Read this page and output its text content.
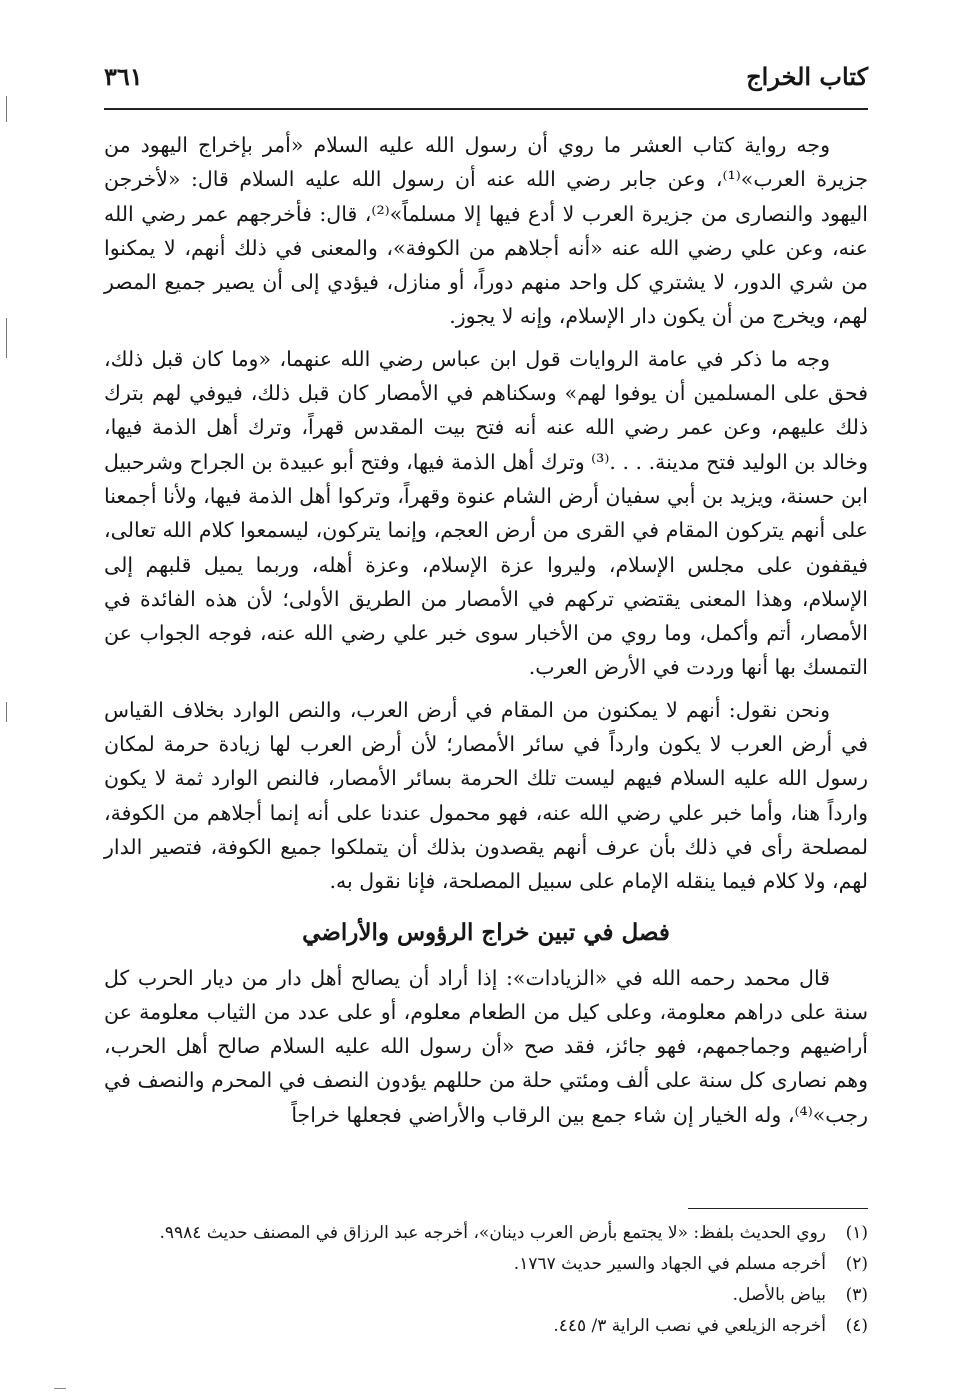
كتاب الخراج
٣٦١

وجه رواية كتاب العشر ما روي أن رسول الله عليه السلام «أمر بإخراج اليهود من جزيرة العرب»⁽¹⁾، وعن جابر رضي الله عنه أن رسول الله عليه السلام قال: «لأخرجن اليهود والنصارى من جزيرة العرب لا أدع فيها إلا مسلماً»⁽²⁾، قال: فأخرجهم عمر رضي الله عنه، وعن علي رضي الله عنه «أنه أجلاهم من الكوفة»، والمعنى في ذلك أنهم، لا يمكنوا من شري الدور، لا يشتري كل واحد منهم دوراً، أو منازل، فيؤدي إلى أن يصير جميع المصر لهم، ويخرج من أن يكون دار الإسلام، وإنه لا يجوز.

وجه ما ذكر في عامة الروايات قول ابن عباس رضي الله عنهما، «وما كان قبل ذلك، فحق على المسلمين أن يوفوا لهم» وسكناهم في الأمصار كان قبل ذلك، فيوفي لهم بترك ذلك عليهم، وعن عمر رضي الله عنه أنه فتح بيت المقدس قهراً، وترك أهل الذمة فيها، وخالد بن الوليد فتح مدينة. . . .⁽³⁾ وترك أهل الذمة فيها، وفتح أبو عبيدة بن الجراح وشرحبيل ابن حسنة، ويزيد بن أبي سفيان أرض الشام عنوة وقهراً، وتركوا أهل الذمة فيها، ولأنا أجمعنا على أنهم يتركون المقام في القرى من أرض العجم، وإنما يتركون، ليسمعوا كلام الله تعالى، فيقفون على مجلس الإسلام، وليروا عزة الإسلام، وعزة أهله، وربما يميل قلبهم إلى الإسلام، وهذا المعنى يقتضي تركهم في الأمصار من الطريق الأولى؛ لأن هذه الفائدة في الأمصار، أتم وأكمل، وما روي من الأخبار سوى خبر علي رضي الله عنه، فوجه الجواب عن التمسك بها أنها وردت في الأرض العرب.

ونحن نقول: أنهم لا يمكنون من المقام في أرض العرب، والنص الوارد بخلاف القياس في أرض العرب لا يكون وارداً في سائر الأمصار؛ لأن أرض العرب لها زيادة حرمة لمكان رسول الله عليه السلام فيهم ليست تلك الحرمة بسائر الأمصار، فالنص الوارد ثمة لا يكون وارداً هنا، وأما خبر علي رضي الله عنه، فهو محمول عندنا على أنه إنما أجلاهم من الكوفة، لمصلحة رأى في ذلك بأن عرف أنهم يقصدون بذلك أن يتملكوا جميع الكوفة، فتصير الدار لهم، ولا كلام فيما ينقله الإمام على سبيل المصلحة، فإنا نقول به.

فصل في تبين خراج الرؤوس والأراضي

قال محمد رحمه الله في «الزيادات»: إذا أراد أن يصالح أهل دار من ديار الحرب كل سنة على دراهم معلومة، وعلى كيل من الطعام معلوم، أو على عدد من الثياب معلومة عن أراضيهم وجماجمهم، فهو جائز، فقد صح «أن رسول الله عليه السلام صالح أهل الحرب، وهم نصارى كل سنة على ألف ومئتي حلة من حللهم يؤدون النصف في المحرم والنصف في رجب»⁽⁴⁾، وله الخيار إن شاء جمع بين الرقاب والأراضي فجعلها خراجاً

(١)
روي الحديث بلفظ: «لا يجتمع بأرض العرب دينان»، أخرجه عبد الرزاق في المصنف حديث ٩٩٨٤.
(٢)
أخرجه مسلم في الجهاد والسير حديث ١٧٦٧.
(٣)
بياض بالأصل.
(٤)
أخرجه الزيلعي في نصب الراية ٣/ ٤٤٥.
